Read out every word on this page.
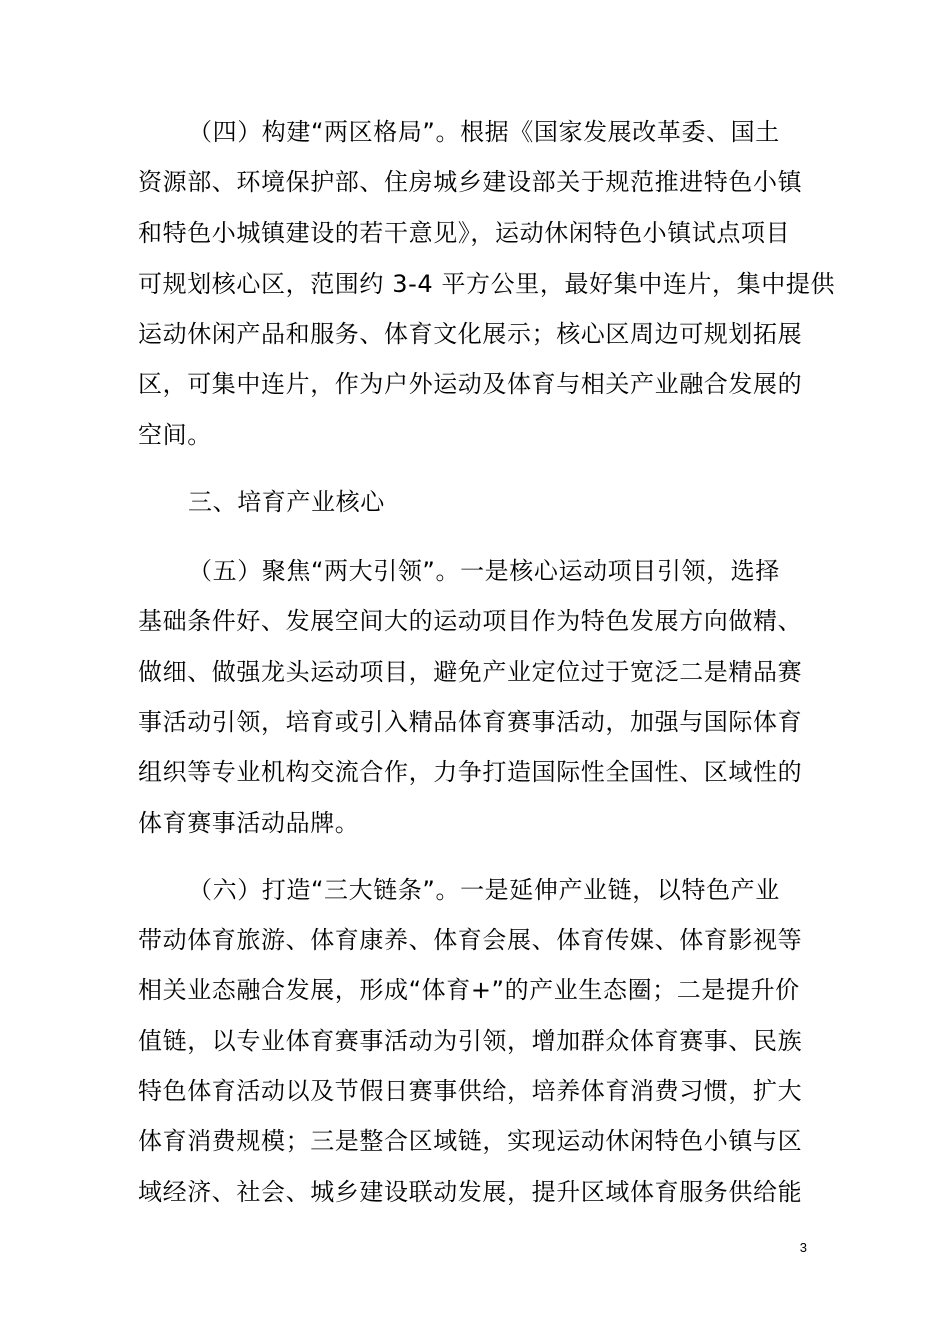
（四）构建“两区格局”。根据《国家发展改革委、国土
资源部、环境保护部、住房城乡建设部关于规范推进特色小镇
和特色小城镇建设的若干意见》，运动休闲特色小镇试点项目
可规划核心区，范围约 3-4 平方公里，最好集中连片，集中提供
运动休闲产品和服务、体育文化展示；核心区周边可规划拓展
区，可集中连片，作为户外运动及体育与相关产业融合发展的
空间。
三、培育产业核心
（五）聚焦“两大引领”。一是核心运动项目引领，选择
基础条件好、发展空间大的运动项目作为特色发展方向做精、
做细、做强龙头运动项目，避免产业定位过于宽泛二是精品赛
事活动引领，培育或引入精品体育赛事活动，加强与国际体育
组织等专业机构交流合作，力争打造国际性全国性、区域性的
体育赛事活动品牌。
（六）打造“三大链条”。一是延伸产业链，以特色产业
带动体育旅游、体育康养、体育会展、体育传媒、体育影视等
相关业态融合发展，形成“体育+”的产业生态圈；二是提升价
值链，以专业体育赛事活动为引领，增加群众体育赛事、民族
特色体育活动以及节假日赛事供给，培养体育消费习惯，扩大
体育消费规模；三是整合区域链，实现运动休闲特色小镇与区
域经济、社会、城乡建设联动发展，提升区域体育服务供给能
3
